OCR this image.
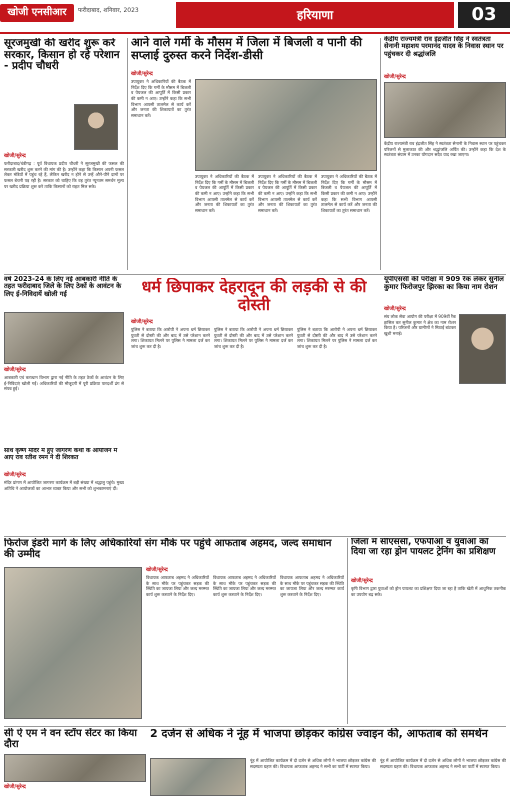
खोजी एनसीआर	फरीदाबाद, शनिवार, 2023	हरियाणा	03
सूरजमुखी की खरीद शुरू करे सरकार, किसान हो रहे परेशान - प्रदीप चौधरी
खोजी/सुरेन्द्र
फरीदाबाद/चंडीगढ़ : पूर्व विधायक प्रदीप चौधरी ने सूरजमुखी की फसल की सरकारी खरीद शुरू करने की मांग की है। उन्होंने कहा कि किसान अपनी फसल लेकर मंडियों में पहुंच रहे हैं, लेकिन खरीद न होने से उन्हें औने-पौने दामों पर फसल बेचनी पड़ रही है। सरकार को चाहिए कि वह तुरंत न्यूनतम समर्थन मूल्य पर खरीद प्रक्रिया शुरू करे ताकि किसानों को राहत मिल सके।
आने वाले गर्मी के मौसम में जिला में बिजली व पानी की सप्लाई दुरुस्त करने निर्देश-डीसी
खोजी/सुरेन्द्र
उपायुक्त ने अधिकारियों की बैठक में निर्देश दिए कि गर्मी के मौसम में बिजली व पेयजल की आपूर्ति में किसी प्रकार की कमी न आए। उन्होंने कहा कि सभी विभाग आपसी तालमेल से कार्य करें और जनता की शिकायतों का तुरंत समाधान करें।
उपायुक्त ने अधिकारियों की बैठक में निर्देश दिए कि गर्मी के मौसम में बिजली व पेयजल की आपूर्ति में किसी प्रकार की कमी न आए। उन्होंने कहा कि सभी विभाग आपसी तालमेल से कार्य करें और जनता की शिकायतों का तुरंत समाधान करें।
उपायुक्त ने अधिकारियों की बैठक में निर्देश दिए कि गर्मी के मौसम में बिजली व पेयजल की आपूर्ति में किसी प्रकार की कमी न आए। उन्होंने कहा कि सभी विभाग आपसी तालमेल से कार्य करें और जनता की शिकायतों का तुरंत समाधान करें।
उपायुक्त ने अधिकारियों की बैठक में निर्देश दिए कि गर्मी के मौसम में बिजली व पेयजल की आपूर्ति में किसी प्रकार की कमी न आए। उन्होंने कहा कि सभी विभाग आपसी तालमेल से कार्य करें और जनता की शिकायतों का तुरंत समाधान करें।
केंद्रीय राज्यमंत्री राव इंद्रजीत सिंह ने स्वतंत्रता सेनानी महाशय परमानंद यादव के निवास स्थान पर पहुंचकर दी श्रद्धांजलि
खोजी/सुरेन्द्र
केंद्रीय राज्यमंत्री राव इंद्रजीत सिंह ने स्वतंत्रता सेनानी के निवास स्थान पर पहुंचकर परिजनों से मुलाकात की और श्रद्धांजलि अर्पित की। उन्होंने कहा कि देश के स्वतंत्रता संग्राम में उनका योगदान सदैव याद रखा जाएगा।
वर्ष 2023-24 के लिए नई आबकारी नीति के तहत फरीदाबाद जिले के लिए ठेकों के आवंटन के लिए ई-निविदायें खोली गई
खोजी/सुरेन्द्र
आबकारी एवं कराधान विभाग द्वारा नई नीति के तहत ठेकों के आवंटन के लिए ई-निविदाएं खोली गईं। अधिकारियों की मौजूदगी में पूरी प्रक्रिया पारदर्शी ढंग से संपन्न हुई।
धर्म छिपाकर देहरादून की लड़की से की दोस्ती
खोजी/सुरेन्द्र
पुलिस ने बताया कि आरोपी ने अपना धर्म छिपाकर युवती से दोस्ती की और बाद में उसे परेशान करने लगा। शिकायत मिलने पर पुलिस ने मामला दर्ज कर जांच शुरू कर दी है।
पुलिस ने बताया कि आरोपी ने अपना धर्म छिपाकर युवती से दोस्ती की और बाद में उसे परेशान करने लगा। शिकायत मिलने पर पुलिस ने मामला दर्ज कर जांच शुरू कर दी है।
पुलिस ने बताया कि आरोपी ने अपना धर्म छिपाकर युवती से दोस्ती की और बाद में उसे परेशान करने लगा। शिकायत मिलने पर पुलिस ने मामला दर्ज कर जांच शुरू कर दी है।
यूपीएससी की परीक्षा में 909 रैंक लेकर सुनील कुमार फिरोजपुर झिरका का किया नाम रोशन
खोजी/सुरेन्द्र
संघ लोक सेवा आयोग की परीक्षा में 909वीं रैंक हासिल कर सुनील कुमार ने क्षेत्र का नाम रोशन किया है। परिजनों और ग्रामीणों ने मिठाई बांटकर खुशी मनाई।
साध कृष्ण मंदिर में हुए जागरण कथा के आयोजन में आए राव रतीश रमन ने दी शिरकत
खोजी/सुरेन्द्र
मंदिर प्रांगण में आयोजित जागरण कार्यक्रम में बड़ी संख्या में श्रद्धालु पहुंचे। मुख्य अतिथि ने आयोजकों का आभार व्यक्त किया और सभी को शुभकामनाएं दीं।
फिरोज इंडरी मार्ग के लिए अधिकारियों संग मौके पर पहुंचे आफताब अहमद, जल्द समाधान की उम्मीद
खोजी/सुरेन्द्र
विधायक आफताब अहमद ने अधिकारियों के साथ मौके पर पहुंचकर सड़क की स्थिति का जायजा लिया और जल्द मरम्मत कार्य शुरू करवाने के निर्देश दिए।
विधायक आफताब अहमद ने अधिकारियों के साथ मौके पर पहुंचकर सड़क की स्थिति का जायजा लिया और जल्द मरम्मत कार्य शुरू करवाने के निर्देश दिए।
विधायक आफताब अहमद ने अधिकारियों के साथ मौके पर पहुंचकर सड़क की स्थिति का जायजा लिया और जल्द मरम्मत कार्य शुरू करवाने के निर्देश दिए।
जिला में सीएससी, एफपीओ व युवाओं को दिया जा रहा ड्रोन पायलट ट्रेनिंग का प्रशिक्षण
खोजी/सुरेन्द्र
कृषि विभाग द्वारा युवाओं को ड्रोन पायलट का प्रशिक्षण दिया जा रहा है ताकि खेती में आधुनिक तकनीक का उपयोग बढ़ सके।
2 दर्जन से अधिक ने नूंह में भाजपा छोड़कर कांग्रेस ज्वाइन की, आफताब को समर्थन
नूंह में आयोजित कार्यक्रम में दो दर्जन से अधिक लोगों ने भाजपा छोड़कर कांग्रेस की सदस्यता ग्रहण की। विधायक आफताब अहमद ने सभी का पार्टी में स्वागत किया।
नूंह में आयोजित कार्यक्रम में दो दर्जन से अधिक लोगों ने भाजपा छोड़कर कांग्रेस की सदस्यता ग्रहण की। विधायक आफताब अहमद ने सभी का पार्टी में स्वागत किया।
सी ऐ एम ने वन स्टॉप सेंटर का किया दौरा
खोजी/सुरेन्द्र
